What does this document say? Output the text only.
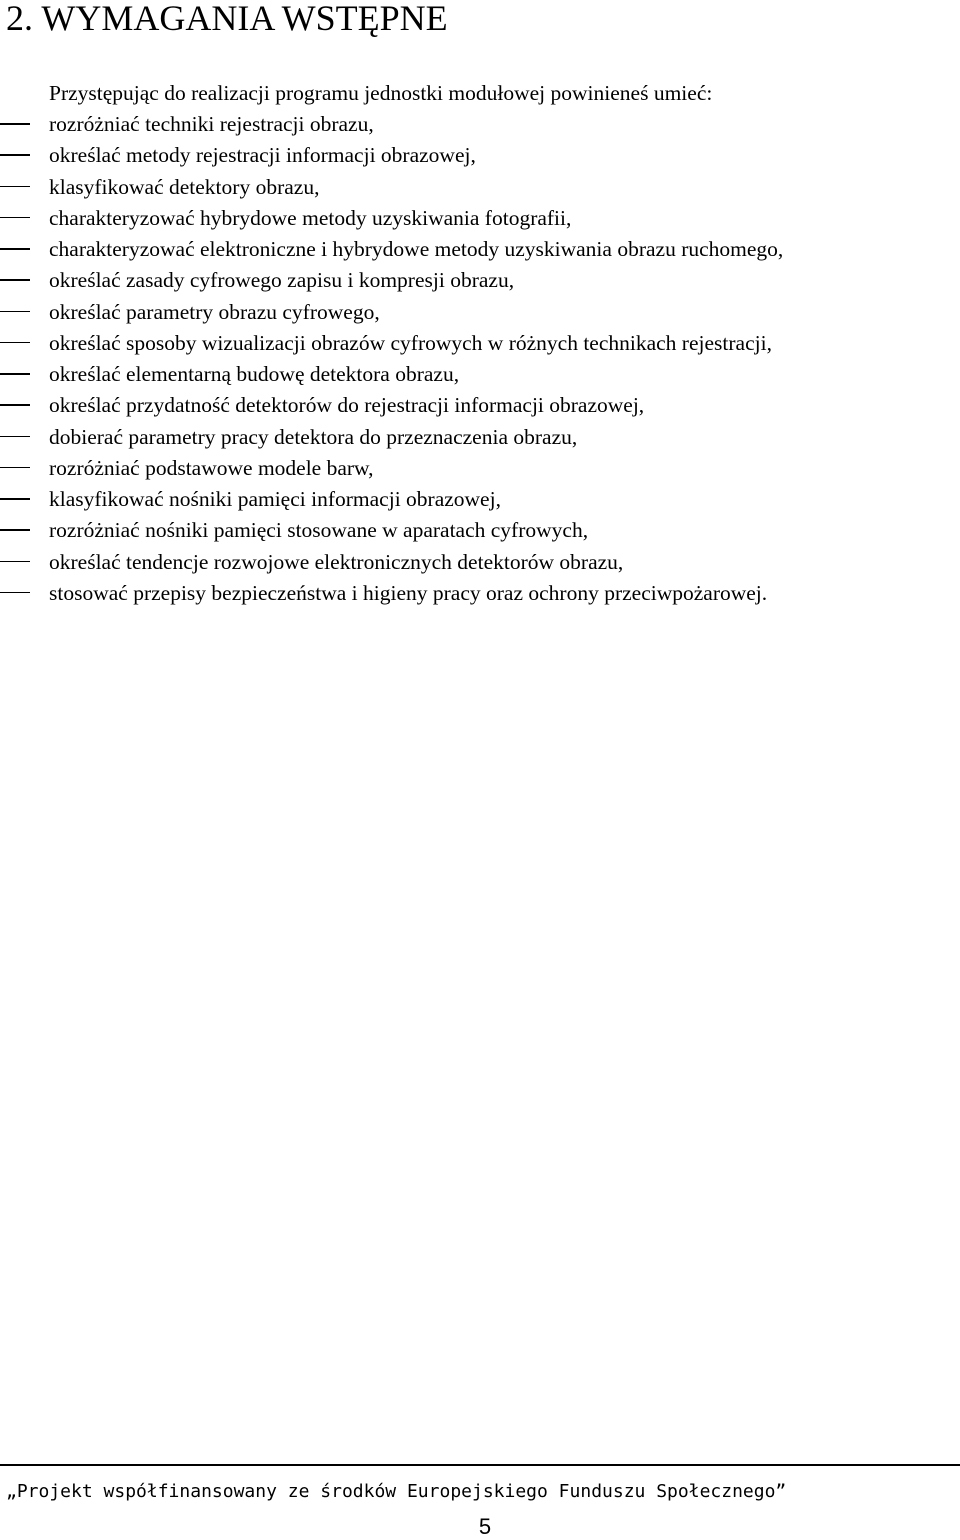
2. WYMAGANIA WSTĘPNE

Przystępując do realizacji programu jednostki modułowej powinieneś umieć:

rozróżniać techniki rejestracji obrazu,
określać metody rejestracji informacji obrazowej,
klasyfikować detektory obrazu,
charakteryzować hybrydowe metody uzyskiwania fotografii,
charakteryzować elektroniczne i hybrydowe metody uzyskiwania obrazu ruchomego,
określać zasady cyfrowego zapisu i kompresji obrazu,
określać parametry obrazu cyfrowego,
określać sposoby wizualizacji obrazów cyfrowych w różnych technikach rejestracji,
określać elementarną budowę detektora obrazu,
określać przydatność detektorów do rejestracji informacji obrazowej,
dobierać parametry pracy detektora do przeznaczenia obrazu,
rozróżniać podstawowe modele barw,
klasyfikować nośniki pamięci informacji obrazowej,
rozróżniać nośniki pamięci stosowane w aparatach cyfrowych,
określać tendencje rozwojowe elektronicznych detektorów obrazu,
stosować przepisy bezpieczeństwa i higieny pracy oraz ochrony przeciwpożarowej.

„Projekt współfinansowany ze środków Europejskiego Funduszu Społecznego”

5
